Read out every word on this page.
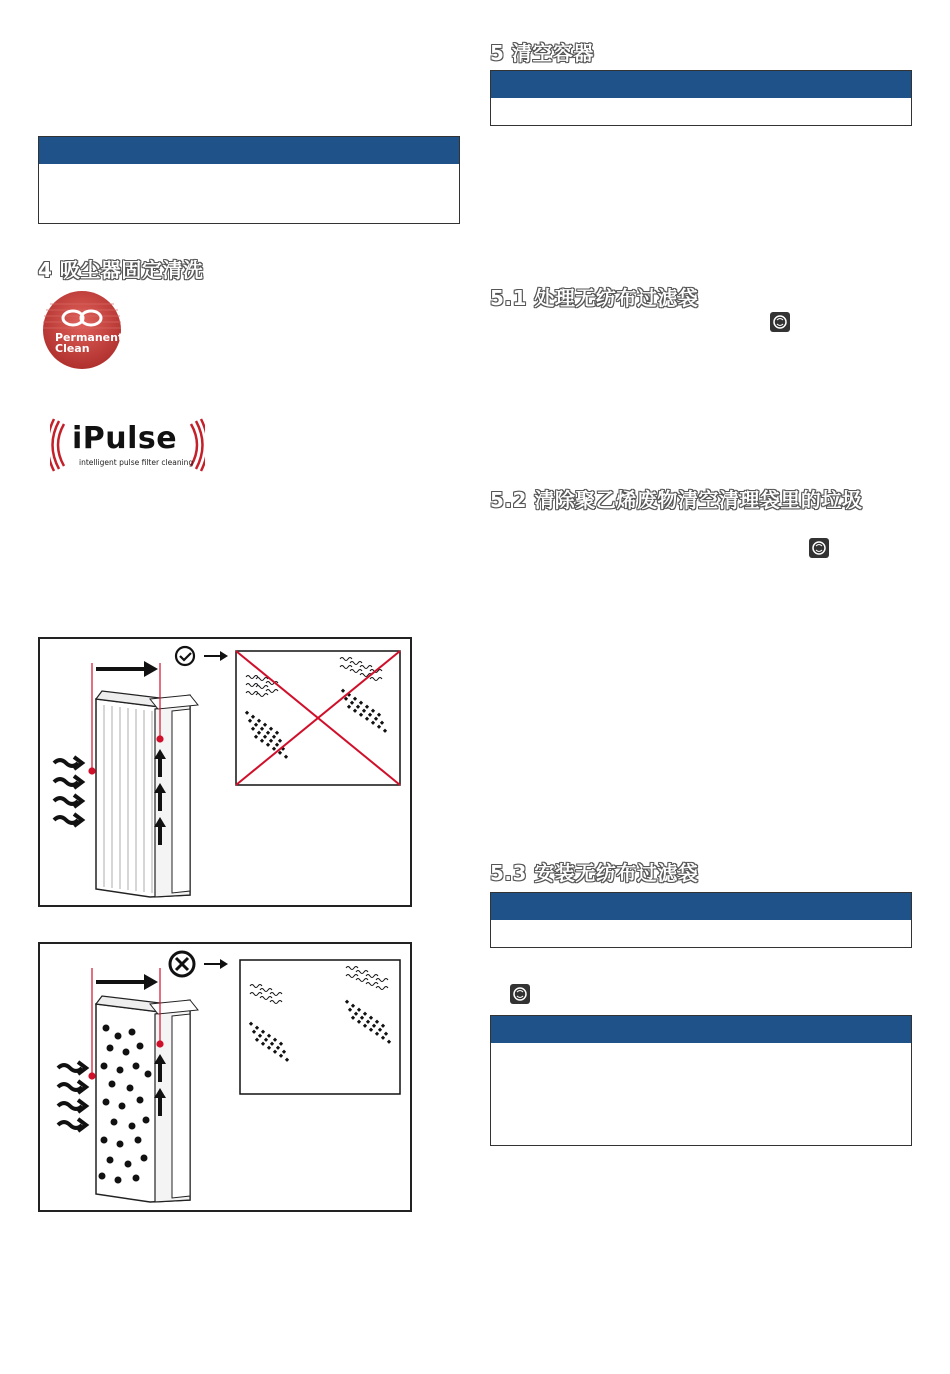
4 吸尘器固定清洗
Permanent
Clean
iPulse
intelligent pulse filter cleaning
5 清空容器
5.1 处理无纺布过滤袋
5.2 清除聚乙烯废物清空清理袋里的垃圾
5.3 安装无纺布过滤袋
